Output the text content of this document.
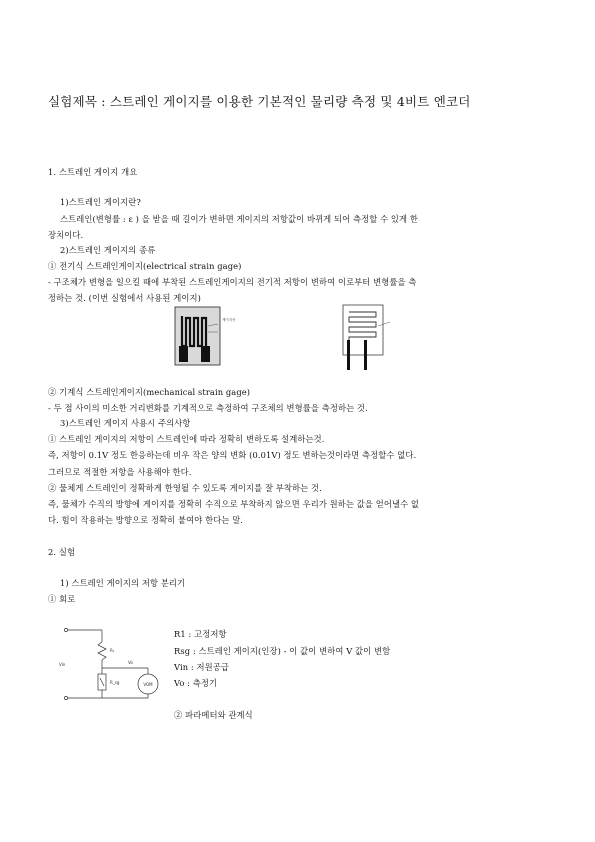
실험제목 : 스트레인 게이지를 이용한 기본적인 물리량 측정 및 4비트 엔코더
1. 스트레인 게이지 개요
1)스트레인 게이지란?
스트레인(변형률 : ε ) 을 받을 때 길이가 변하면 게이지의 저항값이 바뀌게 되어 측정할 수 있게 한
장치이다.
2)스트레인 게이지의 종류
① 전기식 스트레인게이지(electrical strain gage)
- 구조체가 변형을 일으킬 때에 부착된 스트레인게이지의 전기적 저항이 변하여 이로부터 변형률을 측
정하는 것. (이번 실험에서 사용된 게이지)
게이지선
② 기계식 스트레인게이지(mechanical strain gage)
- 두 점 사이의 미소한 거리변화를 기계적으로 측정하여 구조체의 변형률을 측정하는 것.
3)스트레인 게이지 사용시 주의사항
① 스트레인 게이지의 저항이 스트레인에 따라 정확히 변하도록 설계하는것.
즉, 저항이 0.1V 정도 한응하는데 비우 작은 양의 변화 (0.01V) 정도 변하는것이라면 측정할수 없다.
그러므로 적절한 저항을 사용해야 한다.
② 물체게 스트레인이 정확하게 한영될 수 있도록 게이지를 잘 부착하는 것.
즉, 물체가 수직의 방향에 게이지를 정확히 수직으로 부착하지 않으면 우리가 원하는 값을 얻어낼수 없
다. 힘이 작용하는 방향으로 정확히 붙여야 한다는 말.
2. 실험
1) 스트레인 게이지의 저항 분리기
① 회로
R₁
R_sg
Vin	Vo
VOM
R1 : 고정저항
Rsg : 스트레인 게이지(인장) - 이 값이 변하여 V 값이 변함
Vin : 저원공급
Vo : 측정기
② 파라메터와 관계식
